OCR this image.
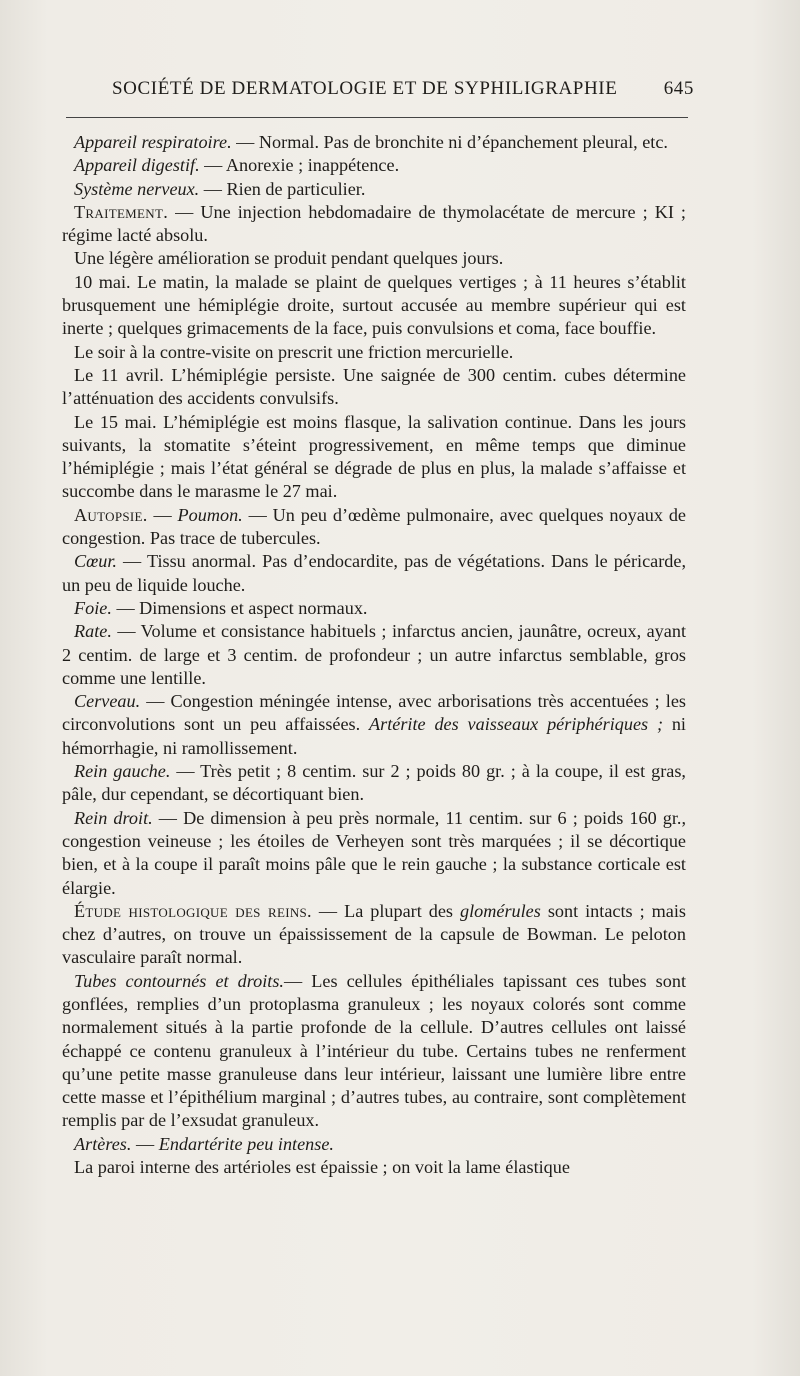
SOCIÉTÉ DE DERMATOLOGIE ET DE SYPHILIGRAPHIE 645

Appareil respiratoire. — Normal. Pas de bronchite ni d’épanchement pleural, etc.

Appareil digestif. — Anorexie ; inappétence.

Système nerveux. — Rien de particulier.

Traitement. — Une injection hebdomadaire de thymolacétate de mercure ; KI ; régime lacté absolu.

Une légère amélioration se produit pendant quelques jours.

10 mai. Le matin, la malade se plaint de quelques vertiges ; à 11 heures s’établit brusquement une hémiplégie droite, surtout accusée au membre supérieur qui est inerte ; quelques grimacements de la face, puis convulsions et coma, face bouffie.

Le soir à la contre-visite on prescrit une friction mercurielle.

Le 11 avril. L’hémiplégie persiste. Une saignée de 300 centim. cubes détermine l’atténuation des accidents convulsifs.

Le 15 mai. L’hémiplégie est moins flasque, la salivation continue. Dans les jours suivants, la stomatite s’éteint progressivement, en même temps que diminue l’hémiplégie ; mais l’état général se dégrade de plus en plus, la malade s’affaisse et succombe dans le marasme le 27 mai.

Autopsie. — Poumon. — Un peu d’œdème pulmonaire, avec quelques noyaux de congestion. Pas trace de tubercules.

Cœur. — Tissu anormal. Pas d’endocardite, pas de végétations. Dans le péricarde, un peu de liquide louche.

Foie. — Dimensions et aspect normaux.

Rate. — Volume et consistance habituels ; infarctus ancien, jaunâtre, ocreux, ayant 2 centim. de large et 3 centim. de profondeur ; un autre infarctus semblable, gros comme une lentille.

Cerveau. — Congestion méningée intense, avec arborisations très accentuées ; les circonvolutions sont un peu affaissées. Artérite des vaisseaux périphériques ; ni hémorrhagie, ni ramollissement.

Rein gauche. — Très petit ; 8 centim. sur 2 ; poids 80 gr. ; à la coupe, il est gras, pâle, dur cependant, se décortiquant bien.

Rein droit. — De dimension à peu près normale, 11 centim. sur 6 ; poids 160 gr., congestion veineuse ; les étoiles de Verheyen sont très marquées ; il se décortique bien, et à la coupe il paraît moins pâle que le rein gauche ; la substance corticale est élargie.

Étude histologique des reins. — La plupart des glomérules sont intacts ; mais chez d’autres, on trouve un épaississement de la capsule de Bowman. Le peloton vasculaire paraît normal.

Tubes contournés et droits.— Les cellules épithéliales tapissant ces tubes sont gonflées, remplies d’un protoplasma granuleux ; les noyaux colorés sont comme normalement situés à la partie profonde de la cellule. D’autres cellules ont laissé échappé ce contenu granuleux à l’intérieur du tube. Certains tubes ne renferment qu’une petite masse granuleuse dans leur intérieur, laissant une lumière libre entre cette masse et l’épithélium marginal ; d’autres tubes, au contraire, sont complètement remplis par de l’exsudat granuleux.

Artères. — Endartérite peu intense.

La paroi interne des artérioles est épaissie ; on voit la lame élastique
